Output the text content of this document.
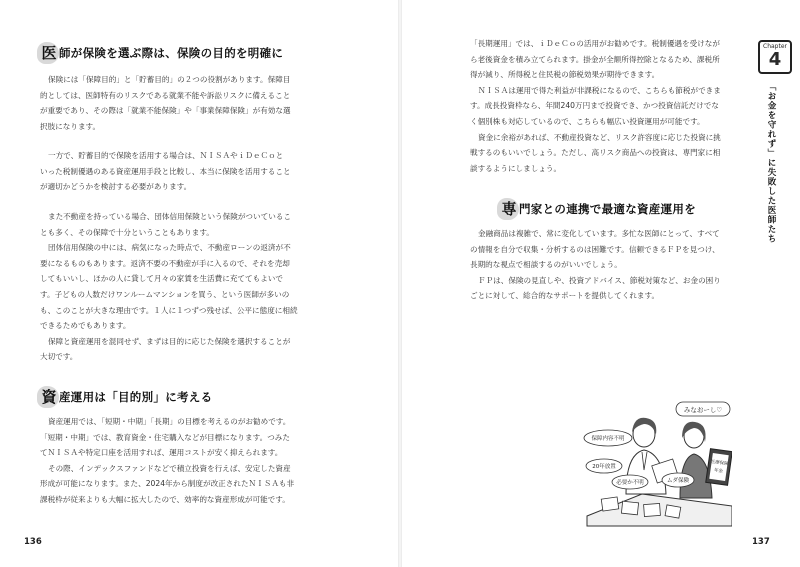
医 師が保険を選ぶ際は、保険の目的を明確に
保険には「保障目的」と「貯蓄目的」の２つの役割があります。保障目
的としては、医師特有のリスクである就業不能や訴訟リスクに備えること
が重要であり、その際は「就業不能保険」や「事業保障保険」が有効な選
択肢になります。
一方で、貯蓄目的で保険を活用する場合は、ＮＩＳＡやｉＤｅＣｏと
いった税制優遇のある資産運用手段と比較し、本当に保険を活用すること
が適切かどうかを検討する必要があります。
また不動産を持っている場合、団体信用保険という保険がついているこ
とも多く、その保障で十分ということもあります。
団体信用保険の中には、病気になった時点で、不動産ローンの返済が不
要になるものもあります。返済不要の不動産が手に入るので、それを売却
してもいいし、ほかの人に貸して月々の家賃を生活費に充ててもよいで
す。子どもの人数だけワンルームマンションを買う、という医師が多いの
も、このことが大きな理由です。１人に１つずつ残せば、公平に態度に相続
できるためでもあります。
保障と資産運用を混同せず、まずは目的に応じた保険を選択することが
大切です。
資 産運用は「目的別」に考える
資産運用では、「短期・中期」「長期」の目標を考えるのがお勧めです。
「短期・中期」では、教育資金・住宅購入などが目標になります。つみた
てＮＩＳＡや特定口座を活用すれば、運用コストが安く抑えられます。
その際、インデックスファンドなどで積立投資を行えば、安定した資産
形成が可能になります。また、2024年から制度が改正されたＮＩＳＡも非
課税枠が従来よりも大幅に拡大したので、効率的な資産形成が可能です。
136
「長期運用」では、ｉＤｅＣｏの活用がお勧めです。税制優遇を受けなが
ら老後資金を積み立てられます。掛金が全額所得控除となるため、課税所
得が減り、所得税と住民税の節税効果が期待できます。
ＮＩＳＡは運用で得た利益が非課税になるので、こちらも節税ができま
す。成長投資枠なら、年間240万円まで投資でき、かつ投資信託だけでな
く個別株も対応しているので、こちらも幅広い投資運用が可能です。
資金に余裕があれば、不動産投資など、リスク許容度に応じた投資に挑
戦するのもいいでしょう。ただし、高リスク商品への投資は、専門家に相
談するようにしましょう。
専 門家との連携で最適な資産運用を
金融商品は複雑で、常に変化しています。多忙な医師にとって、すべて
の情報を自分で収集・分析するのは困難です。信頼できるＦＰを見つけ、
長期的な視点で相談するのがいいでしょう。
ＦＰは、保険の見直しや、投資アドバイス、節税対策など、お金の困り
ごとに対して、総合的なサポートを提供してくれます。
137
Chapter
4
「お金を守れず」に失敗した医師たち
みなおーし♡
保障内容不明
20年放置
必要か不明	ムダ保険
医療保険
年金
